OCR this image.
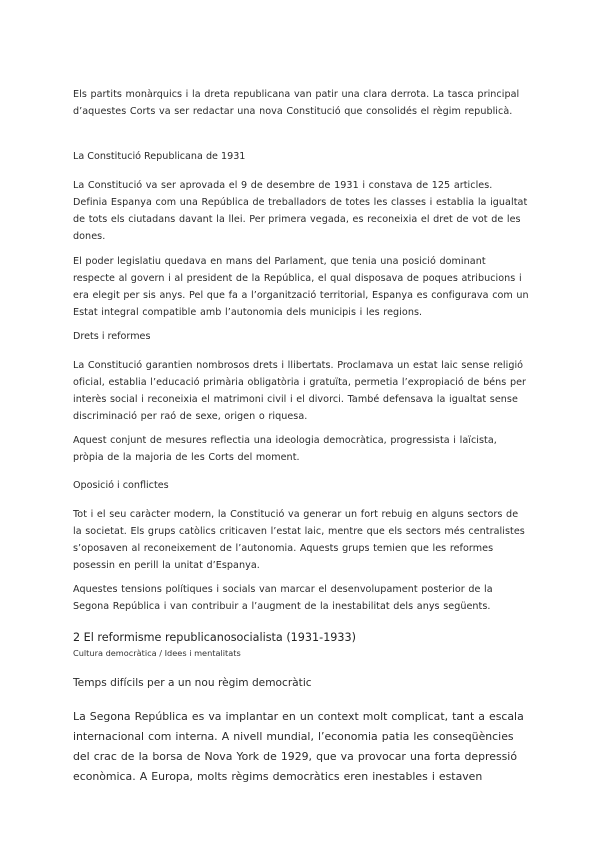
Els partits monàrquics i la dreta republicana van patir una clara derrota. La tasca principal d’aquestes Corts va ser redactar una nova Constitució que consolidés el règim republicà.

La Constitució Republicana de 1931

La Constitució va ser aprovada el 9 de desembre de 1931 i constava de 125 articles. Definia Espanya com una República de treballadors de totes les classes i establia la igualtat de tots els ciutadans davant la llei. Per primera vegada, es reconeixia el dret de vot de les dones.

El poder legislatiu quedava en mans del Parlament, que tenia una posició dominant respecte al govern i al president de la República, el qual disposava de poques atribucions i era elegit per sis anys. Pel que fa a l’organització territorial, Espanya es configurava com un Estat integral compatible amb l’autonomia dels municipis i les regions.

Drets i reformes

La Constitució garantien nombrosos drets i llibertats. Proclamava un estat laic sense religió oficial, establia l’educació primària obligatòria i gratuïta, permetia l’expropiació de béns per interès social i reconeixia el matrimoni civil i el divorci. També defensava la igualtat sense discriminació per raó de sexe, origen o riquesa.

Aquest conjunt de mesures reflectia una ideologia democràtica, progressista i laïcista, pròpia de la majoria de les Corts del moment.

Oposició i conflictes

Tot i el seu caràcter modern, la Constitució va generar un fort rebuig en alguns sectors de la societat. Els grups catòlics criticaven l’estat laic, mentre que els sectors més centralistes s’oposaven al reconeixement de l’autonomia. Aquests grups temien que les reformes posessin en perill la unitat d’Espanya.

Aquestes tensions polítiques i socials van marcar el desenvolupament posterior de la Segona República i van contribuir a l’augment de la inestabilitat dels anys següents.

2 El reformisme republicanosocialista (1931-1933)

Cultura democràtica / Idees i mentalitats

Temps difícils per a un nou règim democràtic

La Segona República es va implantar en un context molt complicat, tant a escala internacional com interna. A nivell mundial, l’economia patia les conseqüències del crac de la borsa de Nova York de 1929, que va provocar una forta depressió econòmica. A Europa, molts règims democràtics eren inestables i estaven
